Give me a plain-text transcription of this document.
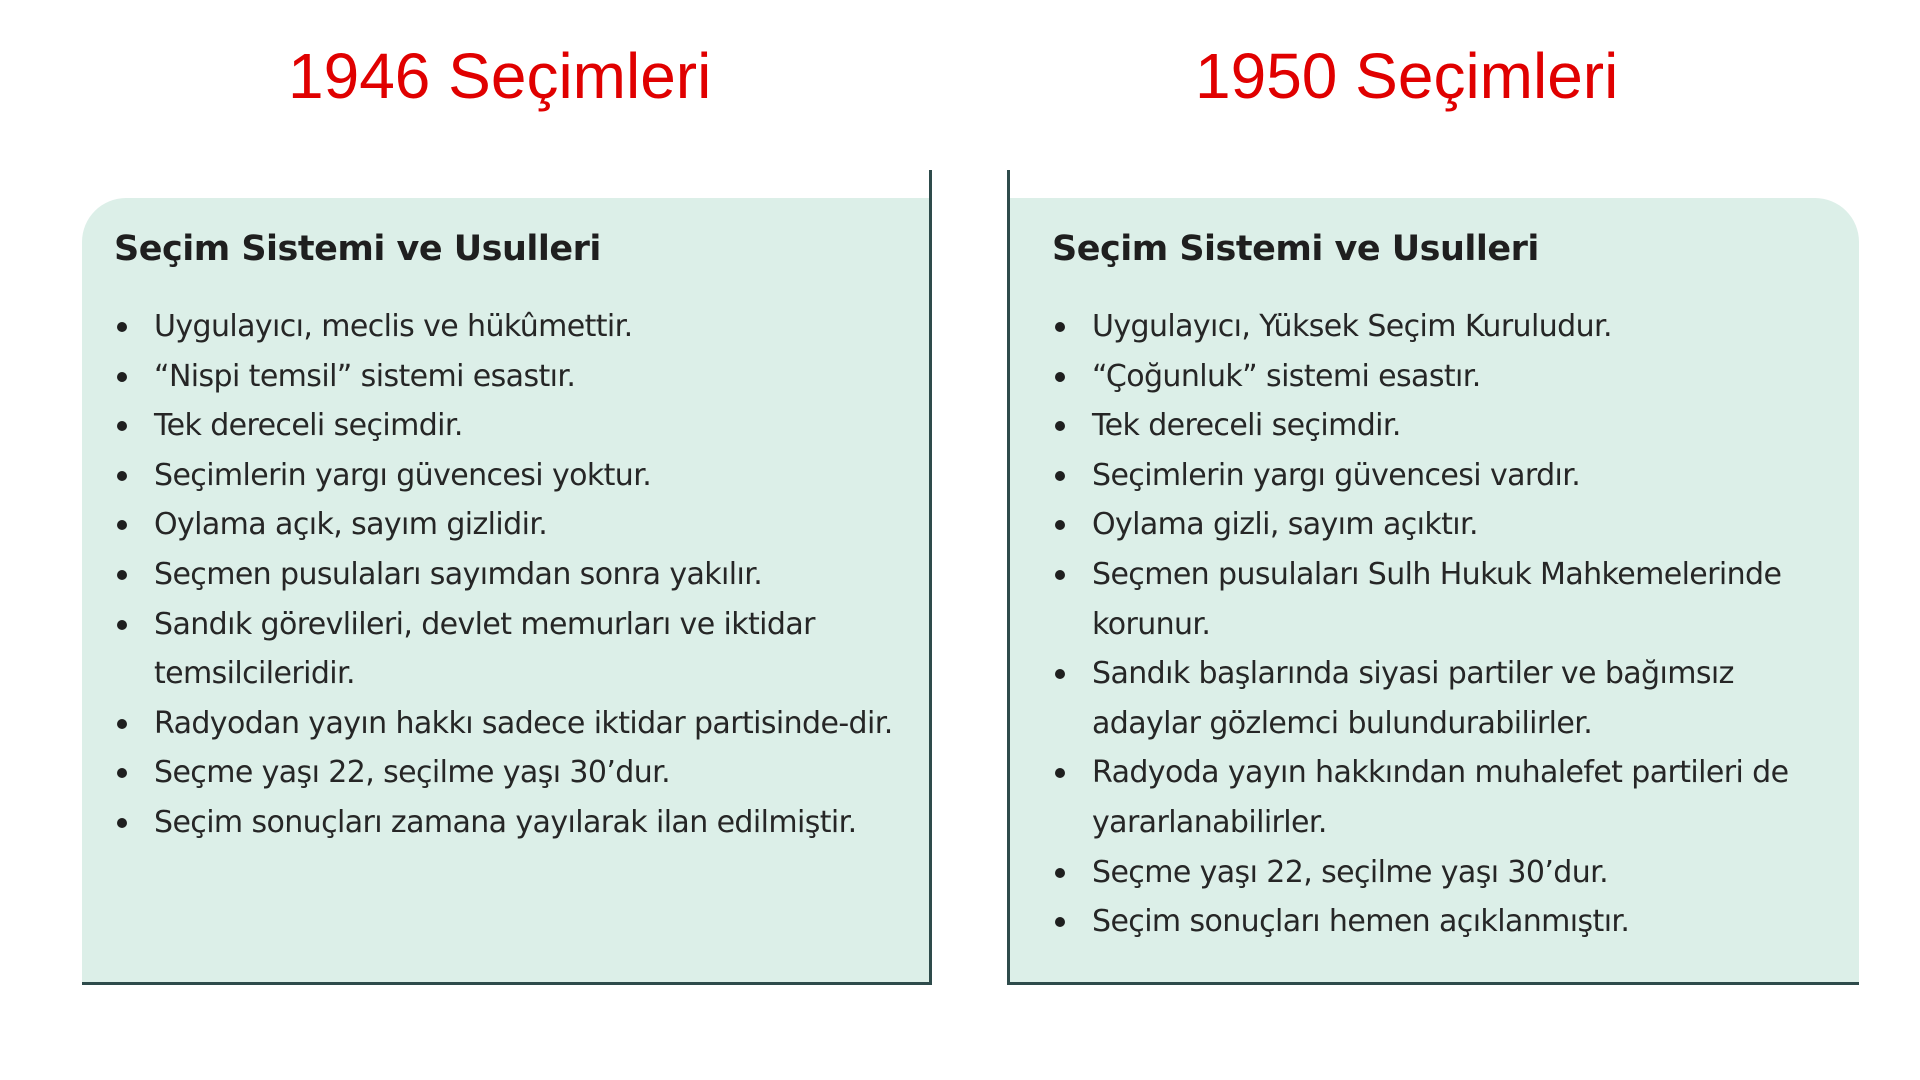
1946 Seçimleri	1950 Seçimleri
Seçim Sistemi ve Usulleri
Uygulayıcı, meclis ve hükûmettir.
“Nispi temsil” sistemi esastır.
Tek dereceli seçimdir.
Seçimlerin yargı güvencesi yoktur.
Oylama açık, sayım gizlidir.
Seçmen pusulaları sayımdan sonra yakılır.
Sandık görevlileri, devlet memurları ve iktidar temsilcileridir.
Radyodan yayın hakkı sadece iktidar partisinde-dir.
Seçme yaşı 22, seçilme yaşı 30’dur.
Seçim sonuçları zamana yayılarak ilan edilmiştir.
Seçim Sistemi ve Usulleri
Uygulayıcı, Yüksek Seçim Kuruludur.
“Çoğunluk” sistemi esastır.
Tek dereceli seçimdir.
Seçimlerin yargı güvencesi vardır.
Oylama gizli, sayım açıktır.
Seçmen pusulaları Sulh Hukuk Mahkemelerinde korunur.
Sandık başlarında siyasi partiler ve bağımsız adaylar gözlemci bulundurabilirler.
Radyoda yayın hakkından muhalefet partileri de yararlanabilirler.
Seçme yaşı 22, seçilme yaşı 30’dur.
Seçim sonuçları hemen açıklanmıştır.
